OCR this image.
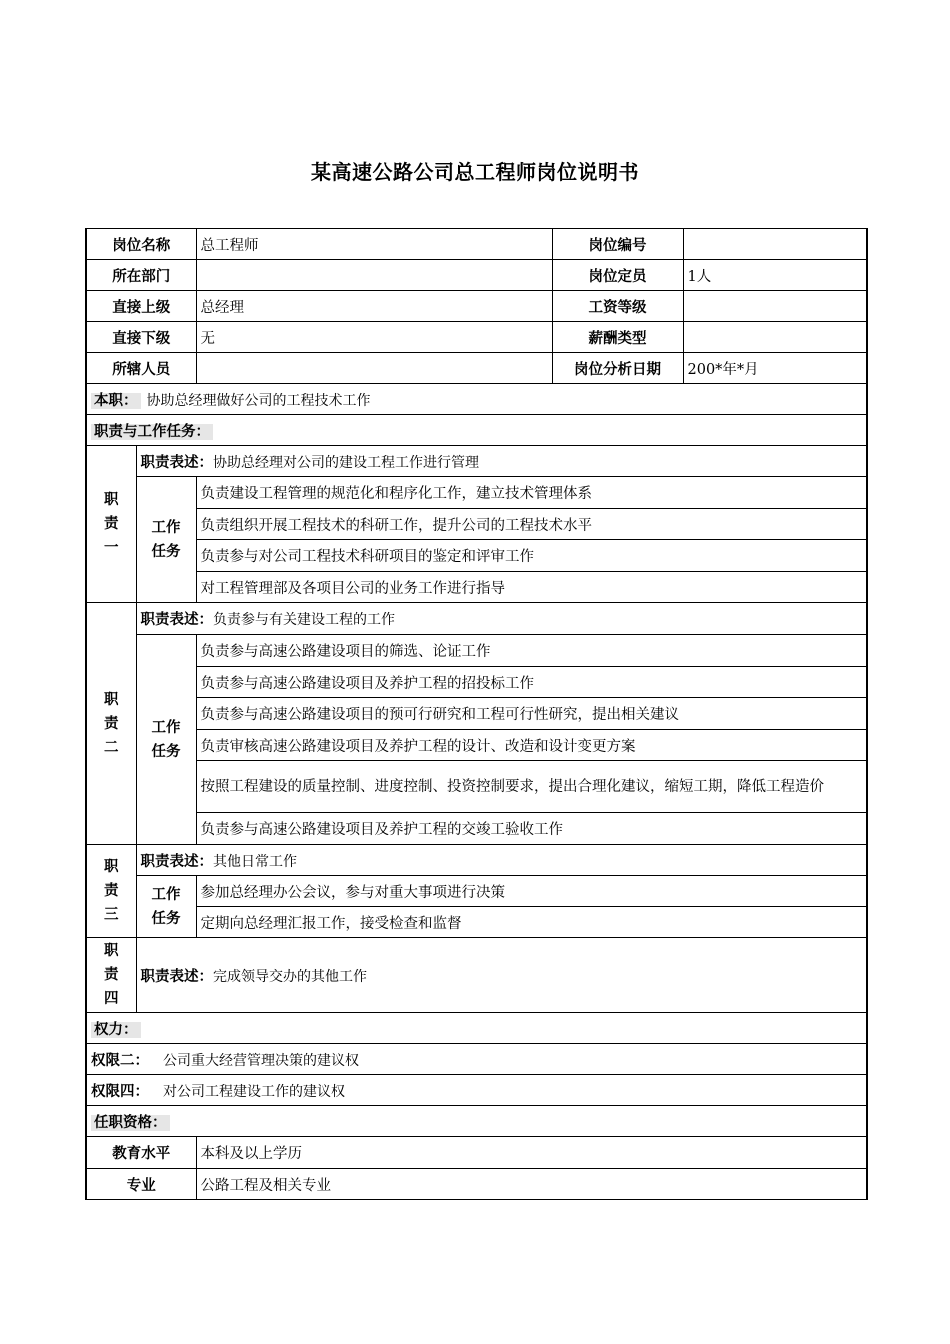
某高速公路公司总工程师岗位说明书
岗位名称		总工程师	岗位编号	
所在部门			岗位定员	1人
直接上级		总经理	工资等级	
直接下级		无	薪酬类型	
所辖人员			岗位分析日期	200*年*月
本职： 协助总经理做好公司的工程技术工作				
职责与工作任务：				

职
责
一	职责表述：协助总经理对公司的建设工程工作进行管理			

	工作
任务	负责建设工程管理的规范化和程序化工作，建立技术管理体系		
		负责组织开展工程技术的科研工作，提升公司的工程技术水平		
		负责参与对公司工程技术科研项目的鉴定和评审工作		
		对工程管理部及各项目公司的业务工作进行指导		

职
责
二	职责表述：负责参与有关建设工程的工作			

	工作
任务	负责参与高速公路建设项目的筛选、论证工作		
		负责参与高速公路建设项目及养护工程的招投标工作		
		负责参与高速公路建设项目的预可行研究和工程可行性研究，提出相关建议		
		负责审核高速公路建设项目及养护工程的设计、改造和设计变更方案		
		按照工程建设的质量控制、进度控制、投资控制要求，提出合理化建议，缩短工期，降低工程造价		
		负责参与高速公路建设项目及养护工程的交竣工验收工作		

职
责
三	职责表述：其他日常工作			

	工作
任务	参加总经理办公会议，参与对重大事项进行决策		
		定期向总经理汇报工作，接受检查和监督		

职
责
四	职责表述：完成领导交办的其他工作			
权力：				
权限二： 公司重大经营管理决策的建议权				
权限四： 对公司工程建设工作的建议权				
任职资格：				
教育水平		本科及以上学历		
专业		公路工程及相关专业		
